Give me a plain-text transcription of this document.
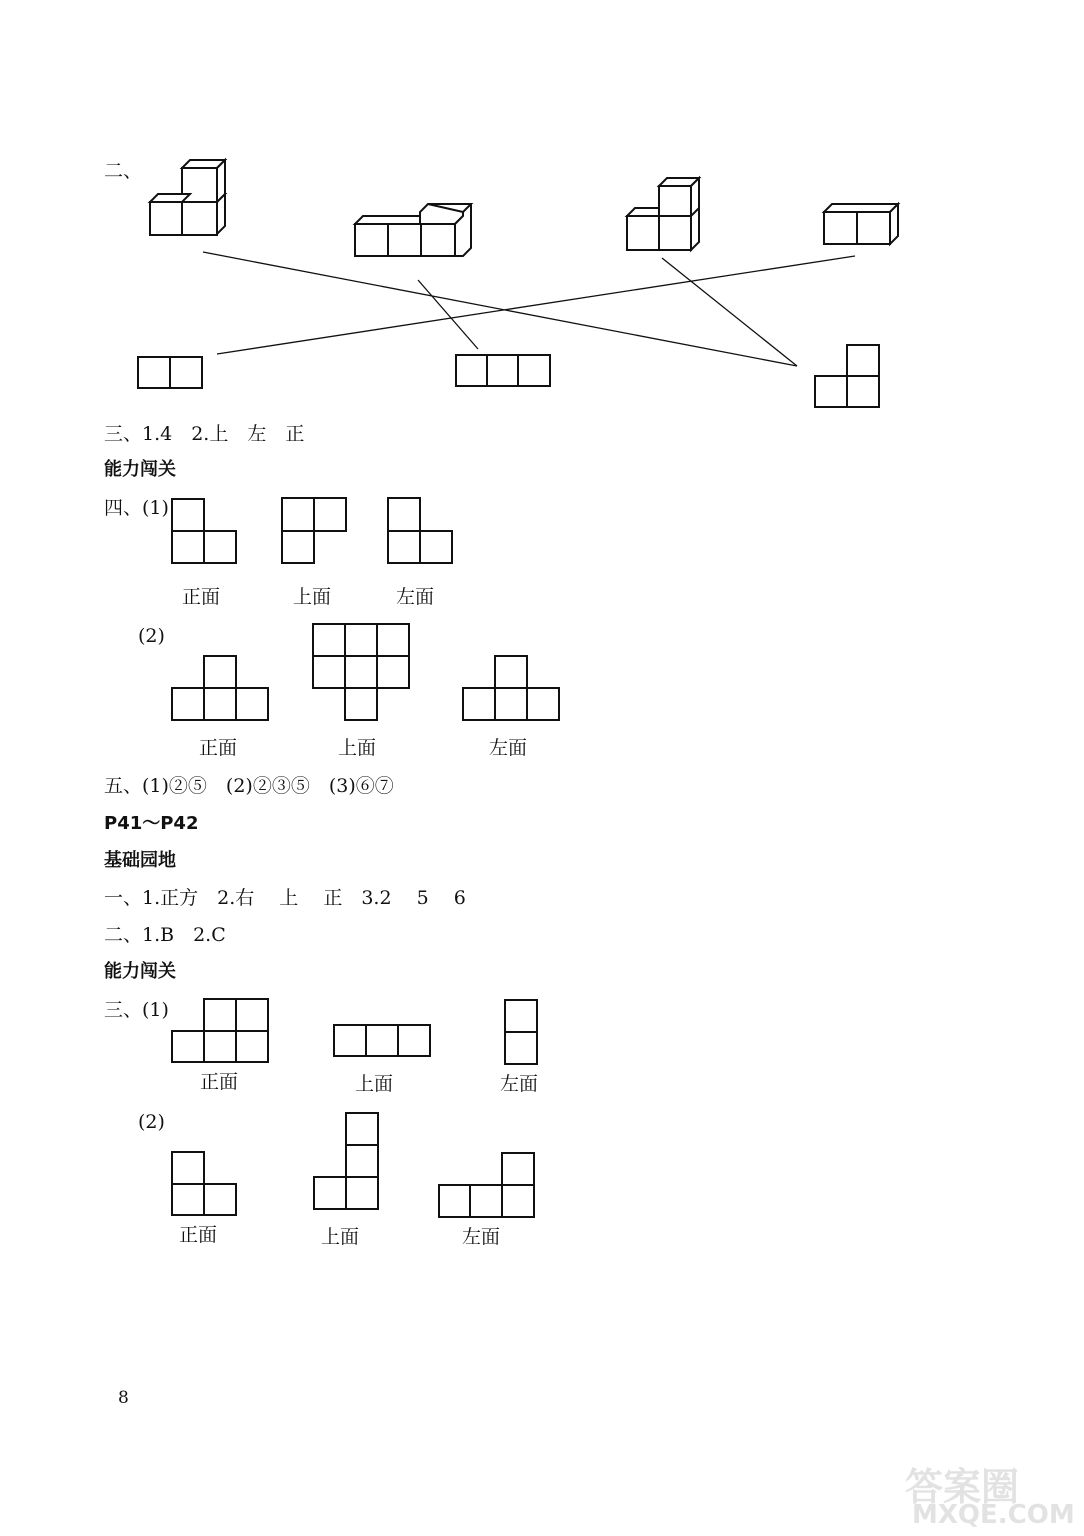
二、
三、1.4　2.上　左　正
能力闯关
四、(1)
正面	上面	左面
(2)
正面	上面	左面
五、(1)②⑤　(2)②③⑤　(3)⑥⑦
P41～P42
基础园地
一、1.正方　2.右　 上　 正　3.2　 5　 6
二、1.B　2.C
能力闯关
三、(1)
正面	上面	左面
(2)
正面	上面	左面
8
答案圈
MXQE.COM
